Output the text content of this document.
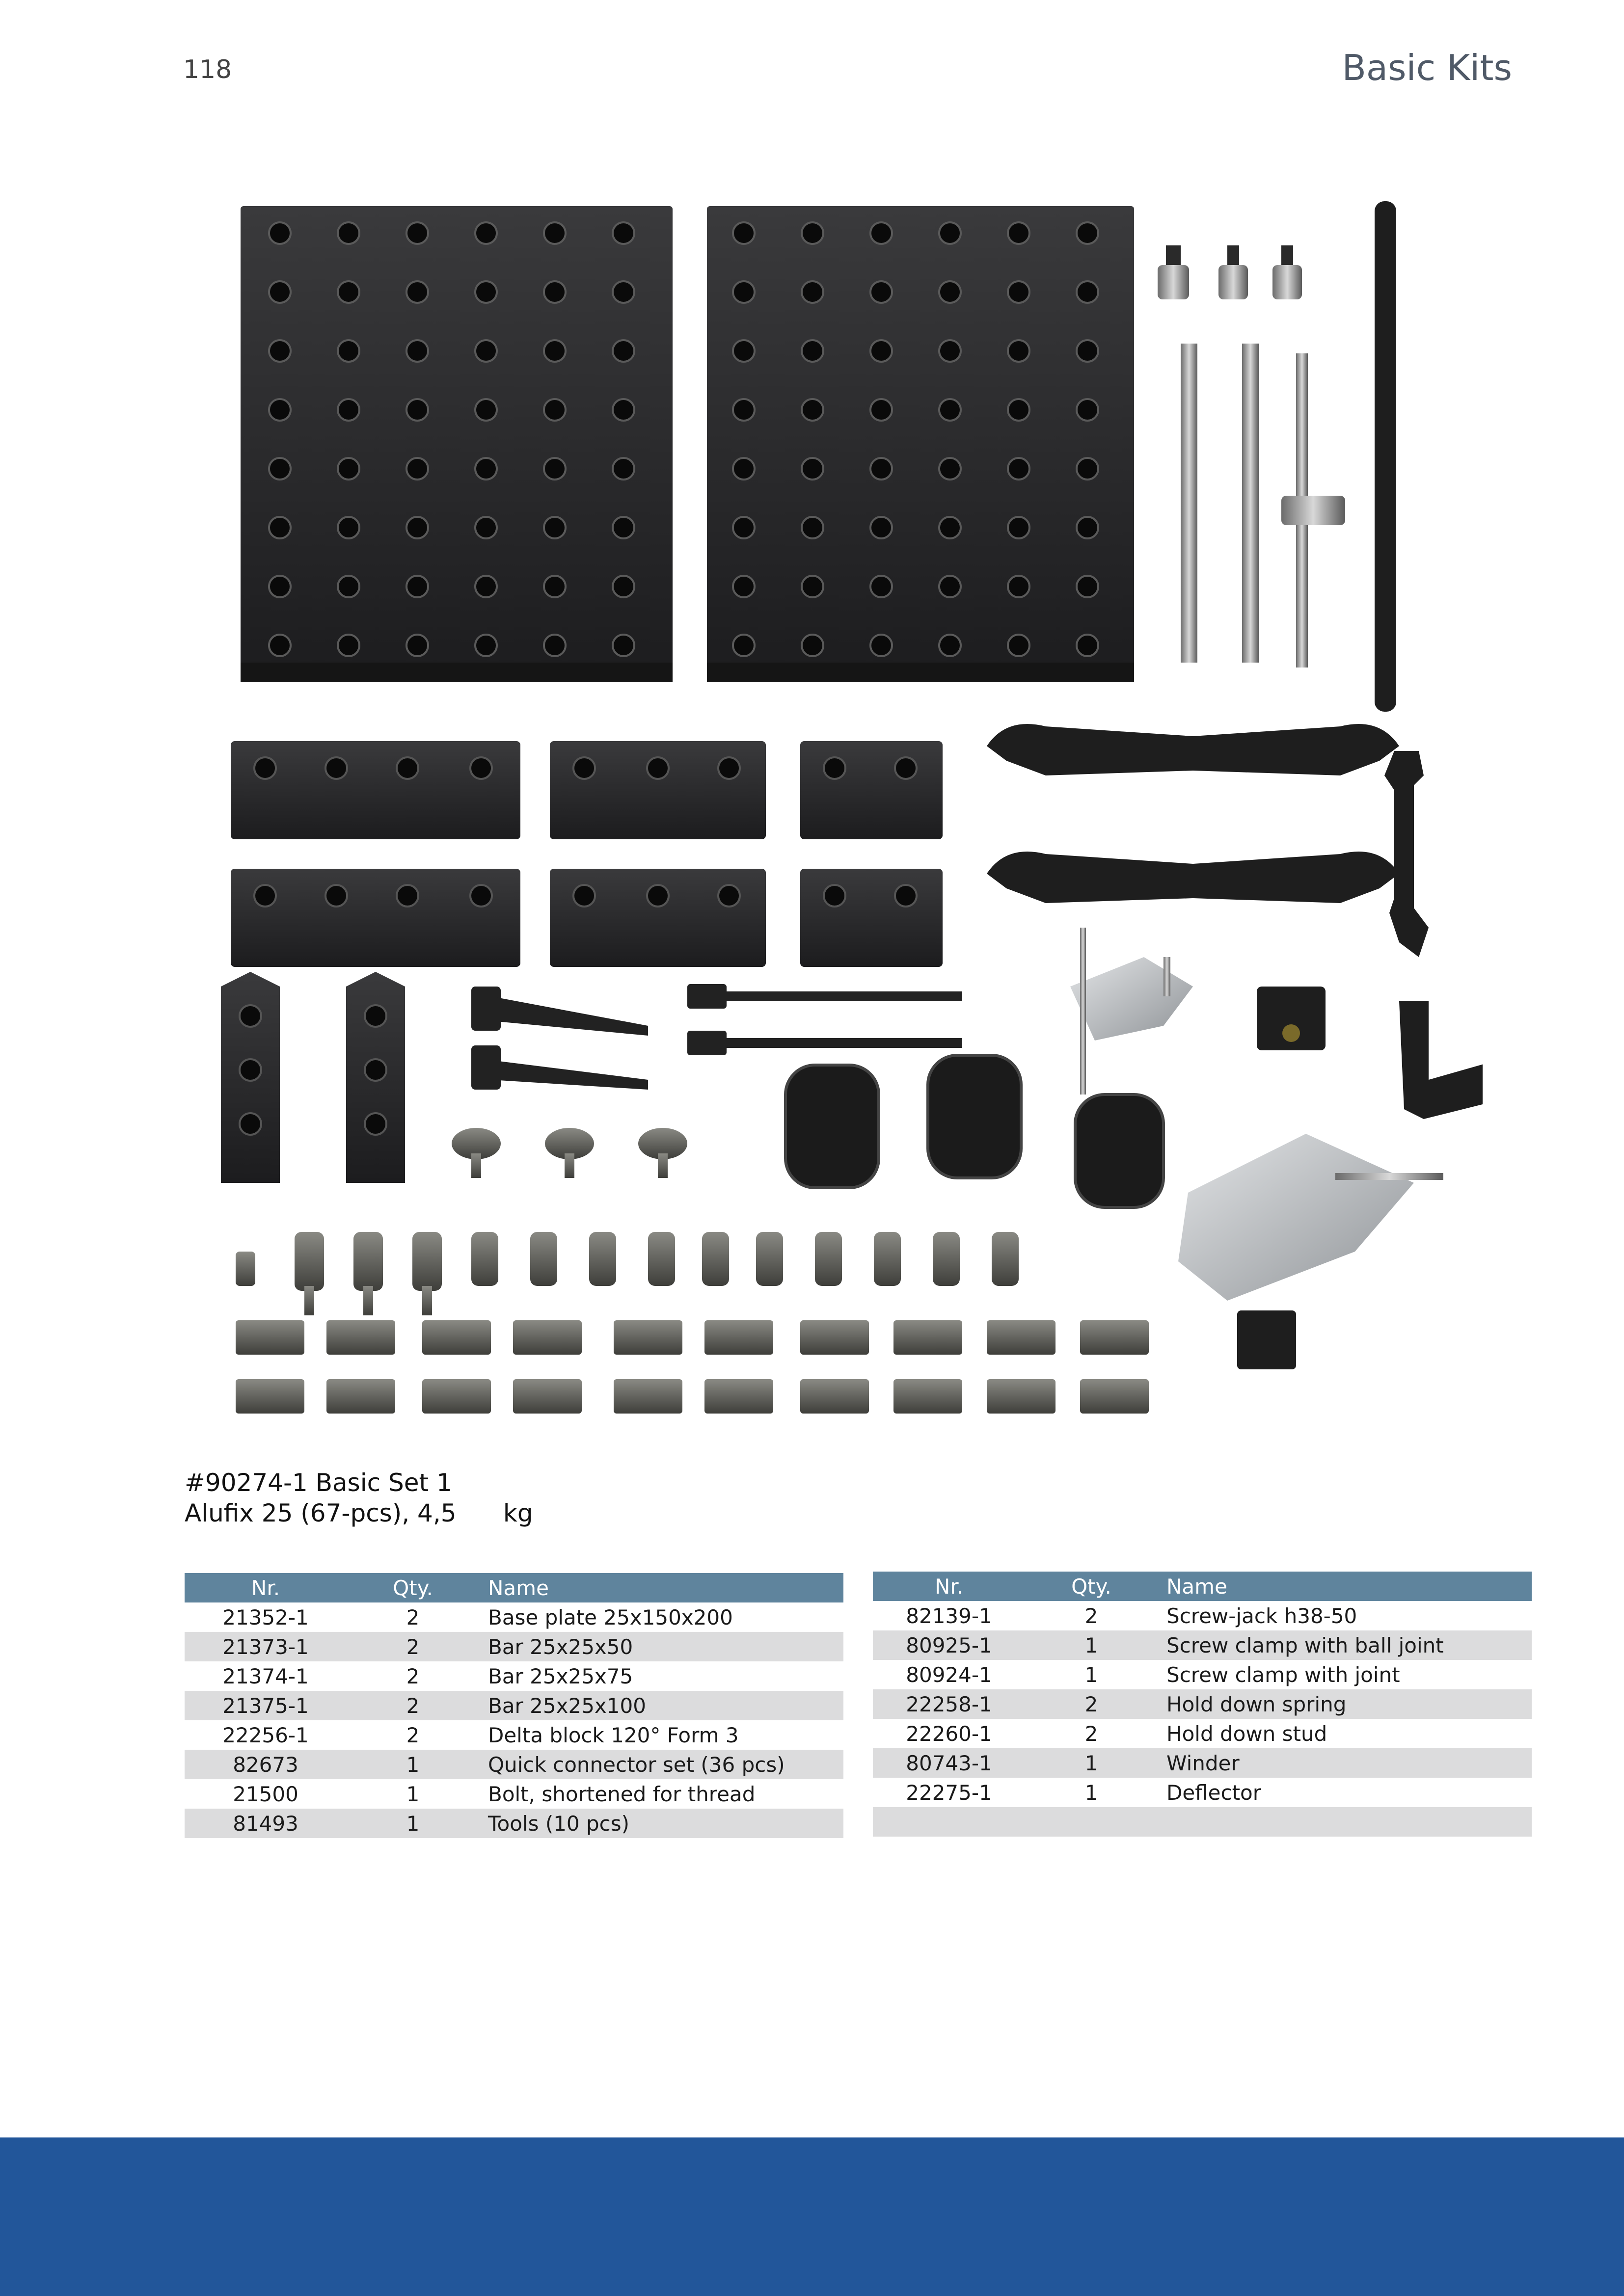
118	Basic Kits
#90274-1 Basic Set 1
Alufix 25 (67-pcs), 4,5      kg
Nr.	Qty.	Name
21352-1	2	Base plate 25x150x200
21373-1	2	Bar 25x25x50
21374-1	2	Bar 25x25x75
21375-1	2	Bar 25x25x100
22256-1	2	Delta block 120° Form 3
82673	1	Quick connector set (36 pcs)
21500	1	Bolt, shortened for thread
81493	1	Tools (10 pcs)
Nr.	Qty.	Name
82139-1	2	Screw-jack h38-50
80925-1	1	Screw clamp with ball joint
80924-1	1	Screw clamp with joint
22258-1	2	Hold down spring
22260-1	2	Hold down stud
80743-1	1	Winder
22275-1	1	Deflector
